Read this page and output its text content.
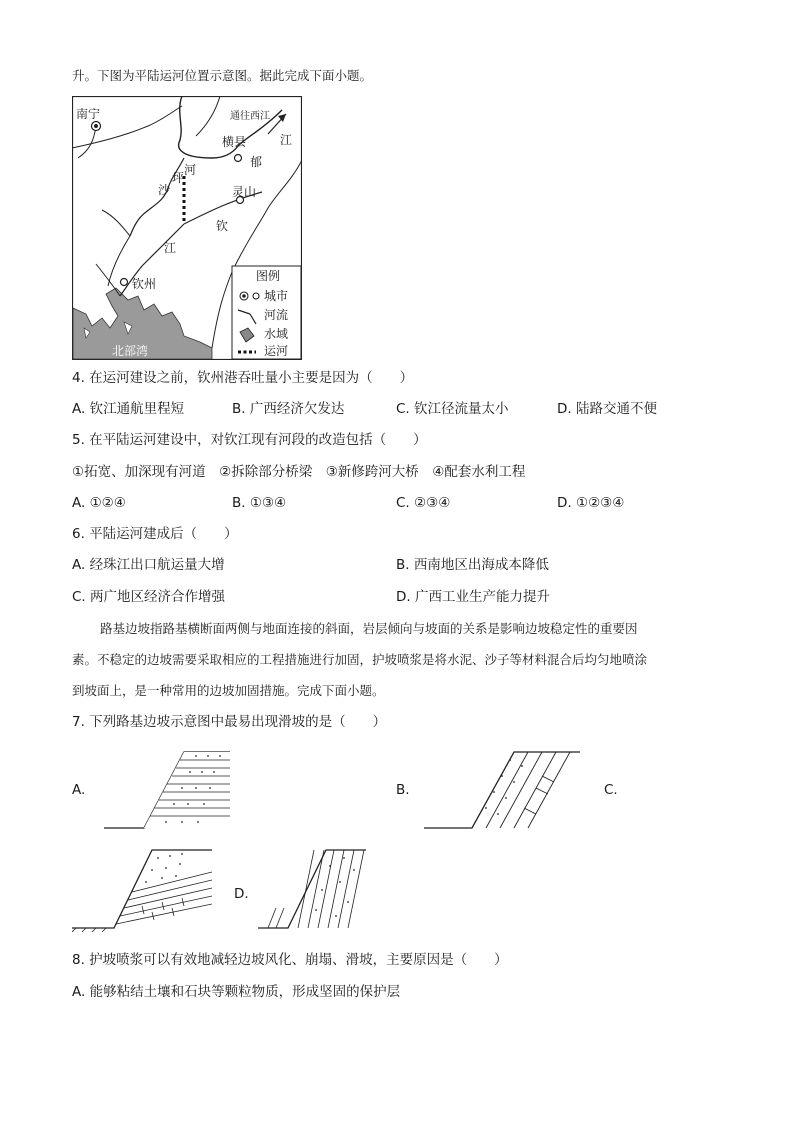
升。下图为平陆运河位置示意图。据此完成下面小题。
南宁	通往西江
江
横县
郁
河
坪
沙	灵山
钦
江
钦州
北部湾
图例
城市
河流
水域
运河
4. 在运河建设之前，钦州港吞吐量小主要是因为（　　）
A. 钦江通航里程短	B. 广西经济欠发达	C. 钦江径流量太小	D. 陆路交通不便
5. 在平陆运河建设中，对钦江现有河段的改造包括（　　）
①拓宽、加深现有河道　②拆除部分桥梁　③新修跨河大桥　④配套水利工程
A. ①②④	B. ①③④	C. ②③④	D. ①②③④
6. 平陆运河建成后（　　）
A. 经珠江出口航运量大增	B. 西南地区出海成本降低
C. 两广地区经济合作增强	D. 广西工业生产能力提升
路基边坡指路基横断面两侧与地面连接的斜面，岩层倾向与坡面的关系是影响边坡稳定性的重要因
素。不稳定的边坡需要采取相应的工程措施进行加固，护坡喷浆是将水泥、沙子等材料混合后均匀地喷涂
到坡面上，是一种常用的边坡加固措施。完成下面小题。
7. 下列路基边坡示意图中最易出现滑坡的是（　　）
A.	B.	C.
D.
8. 护坡喷浆可以有效地减轻边坡风化、崩塌、滑坡，主要原因是（　　）
A. 能够粘结土壤和石块等颗粒物质，形成坚固的保护层
